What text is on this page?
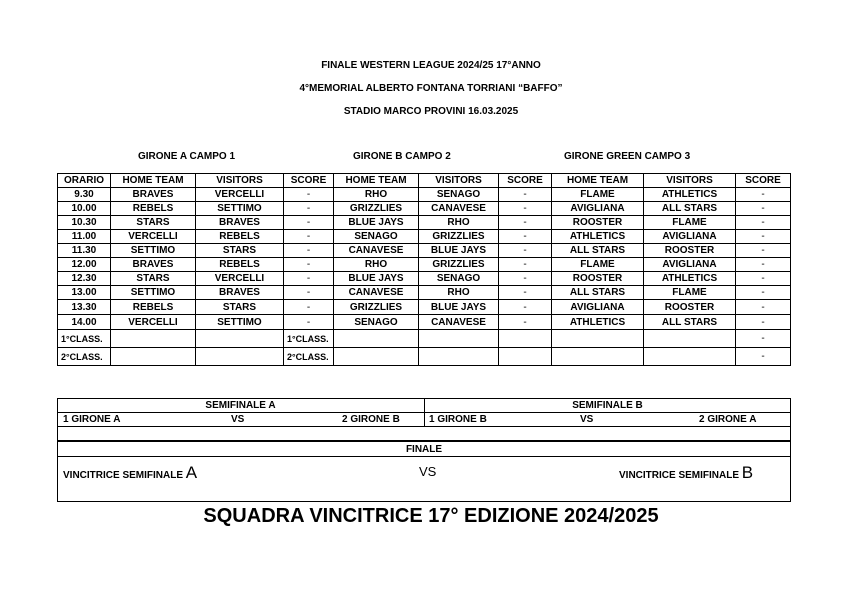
FINALE WESTERN LEAGUE 2024/25 17°ANNO
4°MEMORIAL ALBERTO FONTANA TORRIANI “BAFFO”
STADIO MARCO PROVINI 16.03.2025
GIRONE A CAMPO 1	GIRONE B CAMPO 2	GIRONE GREEN CAMPO 3
ORARIO	HOME TEAM	VISITORS	SCORE	HOME TEAM	VISITORS	SCORE	HOME TEAM	VISITORS	SCORE
9.30	BRAVES	VERCELLI	-	RHO	SENAGO	-	FLAME	ATHLETICS	-
10.00	REBELS	SETTIMO	-	GRIZZLIES	CANAVESE	-	AVIGLIANA	ALL STARS	-
10.30	STARS	BRAVES	-	BLUE JAYS	RHO	-	ROOSTER	FLAME	-
11.00	VERCELLI	REBELS	-	SENAGO	GRIZZLIES	-	ATHLETICS	AVIGLIANA	-
11.30	SETTIMO	STARS	-	CANAVESE	BLUE JAYS	-	ALL STARS	ROOSTER	-
12.00	BRAVES	REBELS	-	RHO	GRIZZLIES	-	FLAME	AVIGLIANA	-
12.30	STARS	VERCELLI	-	BLUE JAYS	SENAGO	-	ROOSTER	ATHLETICS	-
13.00	SETTIMO	BRAVES	-	CANAVESE	RHO	-	ALL STARS	FLAME	-
13.30	REBELS	STARS	-	GRIZZLIES	BLUE JAYS	-	AVIGLIANA	ROOSTER	-
14.00	VERCELLI	SETTIMO	-	SENAGO	CANAVESE	-	ATHLETICS	ALL STARS	-
1°CLASS.			1°CLASS.						-
2°CLASS.			2°CLASS.						-
SEMIFINALE A	SEMIFINALE B
1 GIRONE A	VS	2 GIRONE B	1 GIRONE B	VS	2 GIRONE A
FINALE
VINCITRICE SEMIFINALE A	VS	VINCITRICE SEMIFINALE B
SQUADRA VINCITRICE 17° EDIZIONE 2024/2025
